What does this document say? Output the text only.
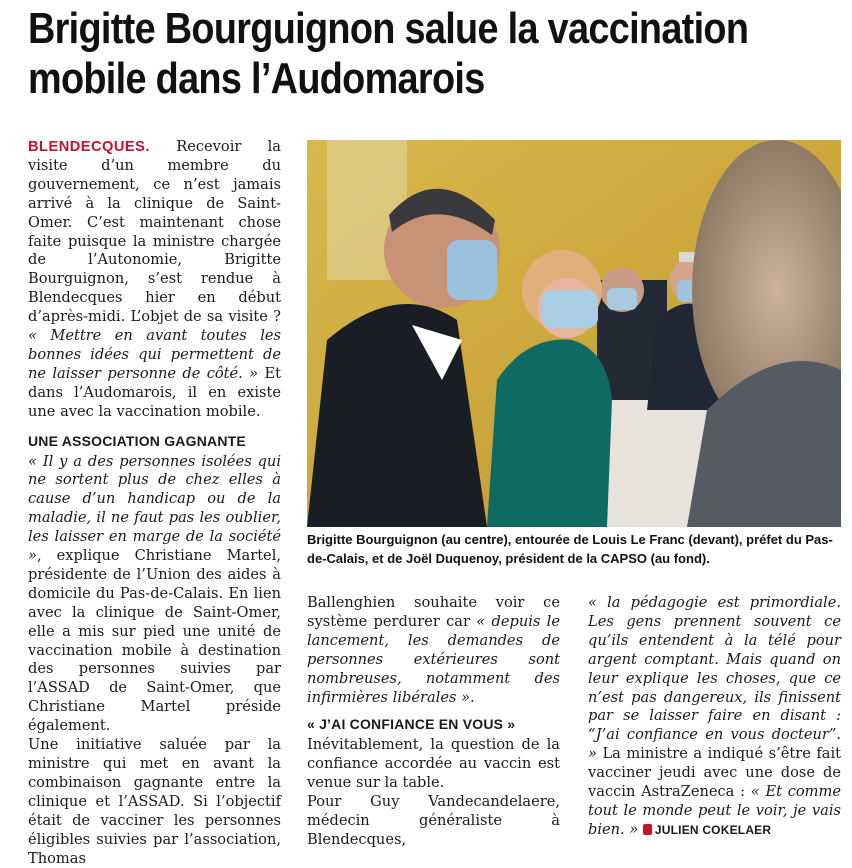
Brigitte Bourguignon salue la vaccination mobile dans l’Audomarois

BLENDECQUES. Recevoir la visite d’un membre du gouvernement, ce n’est jamais arrivé à la clinique de Saint-Omer. C’est maintenant chose faite puisque la ministre chargée de l’Autonomie, Brigitte Bourguignon, s’est rendue à Blendecques hier en début d’après-midi. L’objet de sa visite ? « Mettre en avant toutes les bonnes idées qui permettent de ne laisser personne de côté. » Et dans l’Audomarois, il en existe une avec la vaccination mobile.

UNE ASSOCIATION GAGNANTE

« Il y a des personnes isolées qui ne sortent plus de chez elles à cause d’un handicap ou de la maladie, il ne faut pas les oublier, les laisser en marge de la société », explique Christiane Martel, présidente de l’Union des aides à domicile du Pas-de-Calais. En lien avec la clinique de Saint-Omer, elle a mis sur pied une unité de vaccination mobile à destination des personnes suivies par l’ASSAD de Saint-Omer, que Christiane Martel préside également.

Une initiative saluée par la ministre qui met en avant la combinaison gagnante entre la clinique et l’ASSAD. Si l’objectif était de vacciner les personnes éligibles suivies par l’association, Thomas

Brigitte Bourguignon (au centre), entourée de Louis Le Franc (devant), préfet du Pas-de-Calais, et de Joël Duquenoy, président de la CAPSO (au fond).

Ballenghien souhaite voir ce système perdurer car « depuis le lancement, les demandes de personnes extérieures sont nombreuses, notamment des infirmières libérales ».

« J’AI CONFIANCE EN VOUS »

Inévitablement, la question de la confiance accordée au vaccin est venue sur la table.

Pour Guy Vandecandelaere, médecin généraliste à Blendecques,

« la pédagogie est primordiale. Les gens prennent souvent ce qu’ils entendent à la télé pour argent comptant. Mais quand on leur explique les choses, que ce n’est pas dangereux, ils finissent par se laisser faire en disant : “J’ai confiance en vous docteur”. » La ministre a indiqué s’être fait vacciner jeudi avec une dose de vaccin AstraZeneca : « Et comme tout le monde peut le voir, je vais bien. » JULIEN COKELAER
